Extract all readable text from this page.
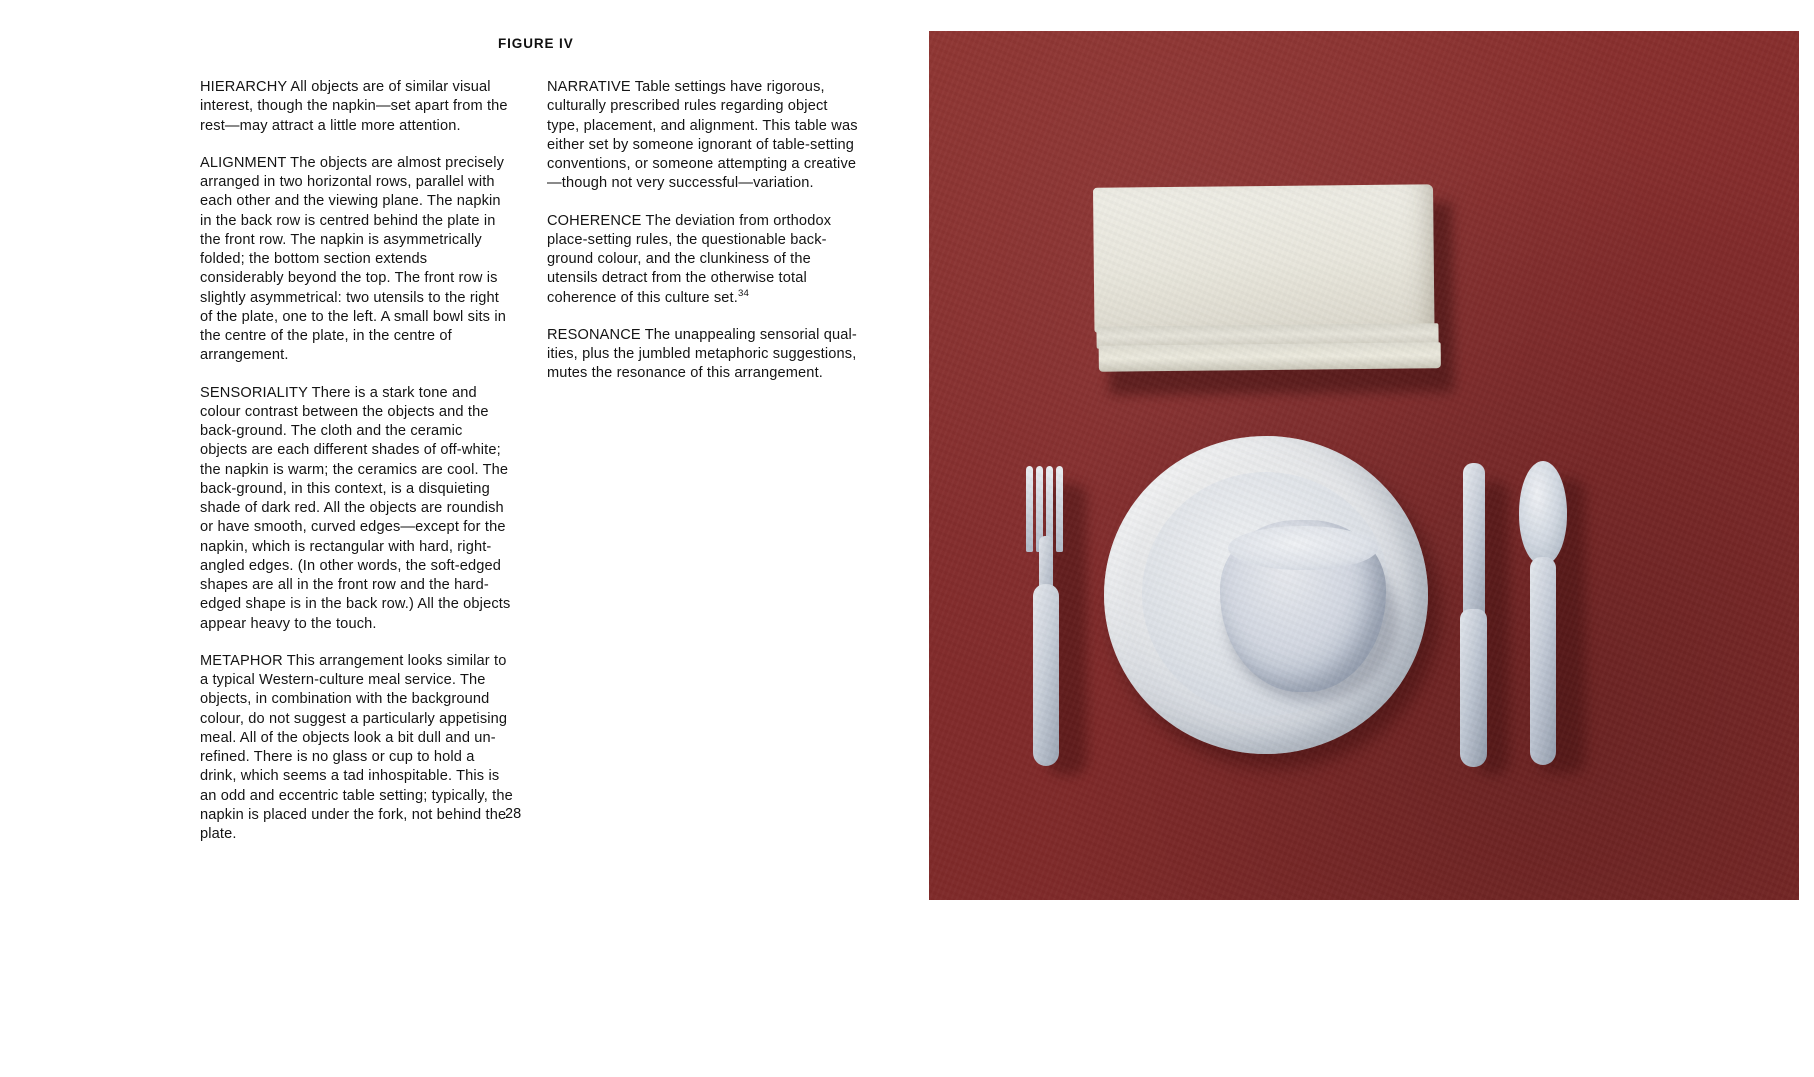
FIGURE IV

HIERARCHY All objects are of similar visual interest, though the napkin—set apart from the rest—may attract a little more attention.

ALIGNMENT The objects are almost precisely arranged in two horizontal rows, parallel with each other and the viewing plane. The napkin in the back row is centred behind the plate in the front row. The napkin is asymmetrically folded; the bottom section extends considerably beyond the top. The front row is slightly asymmetrical: two utensils to the right of the plate, one to the left. A small bowl sits in the centre of the plate, in the centre of arrangement.

SENSORIALITY There is a stark tone and colour contrast between the objects and the back-ground. The cloth and the ceramic objects are each different shades of off-white; the napkin is warm; the ceramics are cool. The back-ground, in this context, is a disquieting shade of dark red. All the objects are roundish or have smooth, curved edges—except for the napkin, which is rectangular with hard, right-angled edges. (In other words, the soft-edged shapes are all in the front row and the hard-edged shape is in the back row.) All the objects appear heavy to the touch.

METAPHOR This arrangement looks similar to a typical Western-culture meal service. The objects, in combination with the background colour, do not suggest a particularly appetising meal. All of the objects look a bit dull and un-refined. There is no glass or cup to hold a drink, which seems a tad inhospitable. This is an odd and eccentric table setting; typically, the napkin is placed under the fork, not behind the plate.

NARRATIVE Table settings have rigorous, culturally prescribed rules regarding object type, placement, and alignment. This table was either set by someone ignorant of table-setting conventions, or someone attempting a creative—though not very successful—variation.

COHERENCE The deviation from orthodox place-setting rules, the questionable back-ground colour, and the clunkiness of the utensils detract from the otherwise total coherence of this culture set.$^{34}$

RESONANCE The unappealing sensorial qual-ities, plus the jumbled metaphoric suggestions, mutes the resonance of this arrangement.

28
